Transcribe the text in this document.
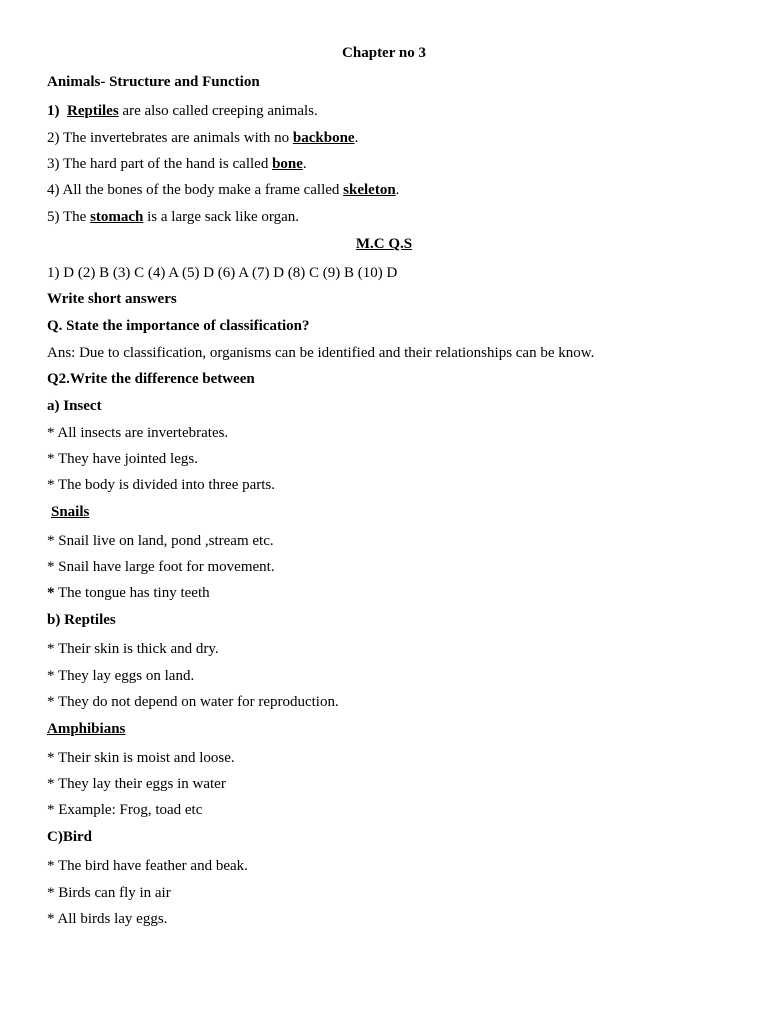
Chapter no 3
Animals- Structure and Function
1) Reptiles are also called creeping animals.
2) The invertebrates are animals with no backbone.
3) The hard part of the hand is called bone.
4) All the bones of the body make a frame called skeleton.
5) The stomach is a large sack like organ.
M.C Q.S
1) D (2) B (3) C (4) A (5) D (6) A (7) D (8) C (9) B (10) D
Write short answers
Q. State the importance of classification?
Ans: Due to classification, organisms can be identified and their relationships can be know.
Q2.Write the difference between
a) Insect
* All insects are invertebrates.
* They have jointed legs.
* The body is divided into three parts.
Snails
* Snail live on land, pond ,stream etc.
* Snail have large foot for movement.
* The tongue has tiny teeth
b) Reptiles
* Their skin is thick and dry.
* They lay eggs on land.
* They do not depend on water for reproduction.
Amphibians
* Their skin is moist and loose.
* They lay their eggs in water
* Example: Frog, toad etc
C)Bird
* The bird have feather and beak.
* Birds can fly in air
* All birds lay eggs.
